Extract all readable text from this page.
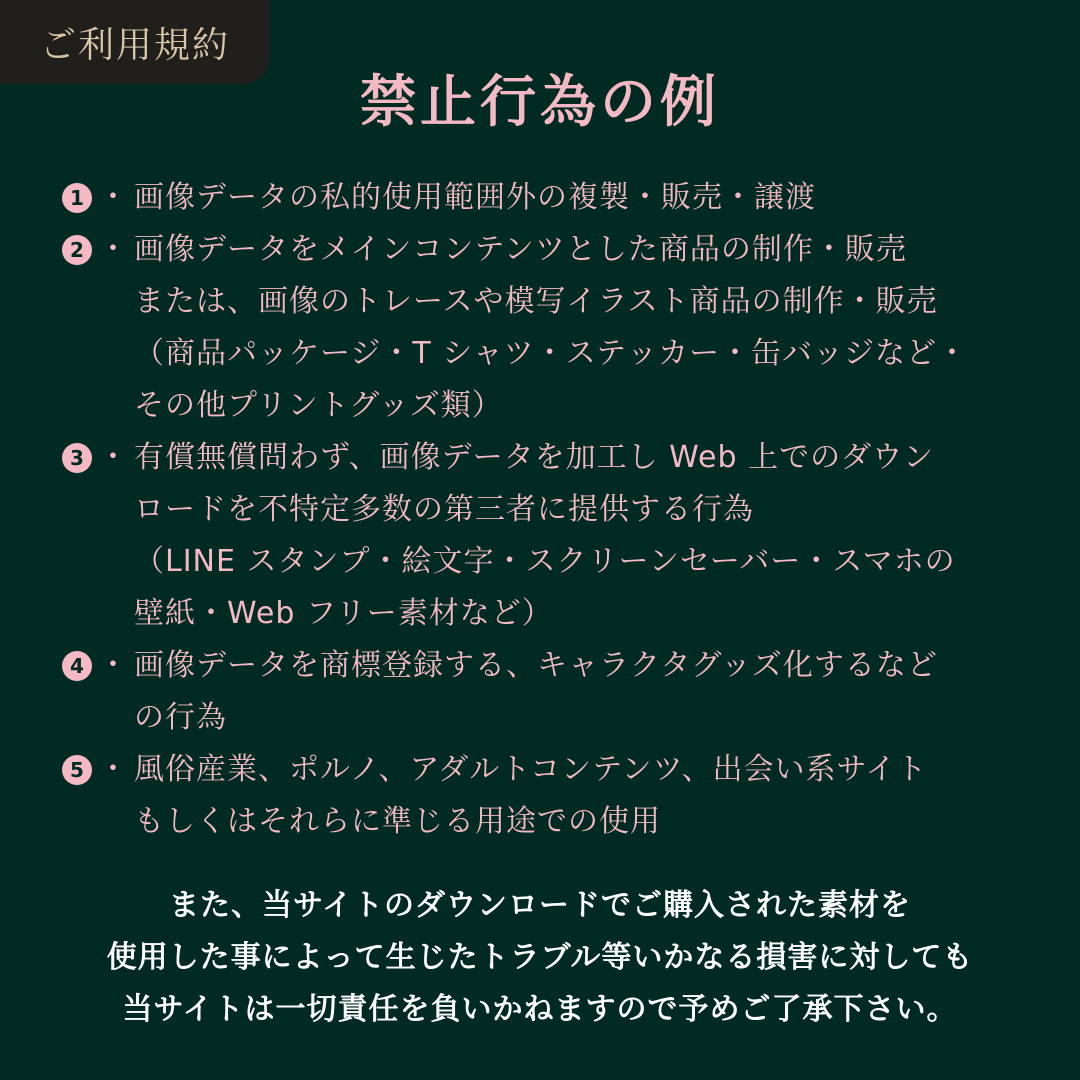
ご利用規約
禁止行為の例
1 ・ 画像データの私的使用範囲外の複製・販売・譲渡
2 ・ 画像データをメインコンテンツとした商品の制作・販売
または、画像のトレースや模写イラスト商品の制作・販売
（商品パッケージ・T シャツ・ステッカー・缶バッジなど・
その他プリントグッズ類）
3 ・ 有償無償問わず、画像データを加工し Web 上でのダウン
ロードを不特定多数の第三者に提供する行為
（LINE スタンプ・絵文字・スクリーンセーバー・スマホの
壁紙・Web フリー素材など）
4 ・ 画像データを商標登録する、キャラクタグッズ化するなど
の行為
5 ・ 風俗産業、ポルノ、アダルトコンテンツ、出会い系サイト
もしくはそれらに準じる用途での使用
また、当サイトのダウンロードでご購入された素材を
使用した事によって生じたトラブル等いかなる損害に対しても
当サイトは一切責任を負いかねますので予めご了承下さい。
